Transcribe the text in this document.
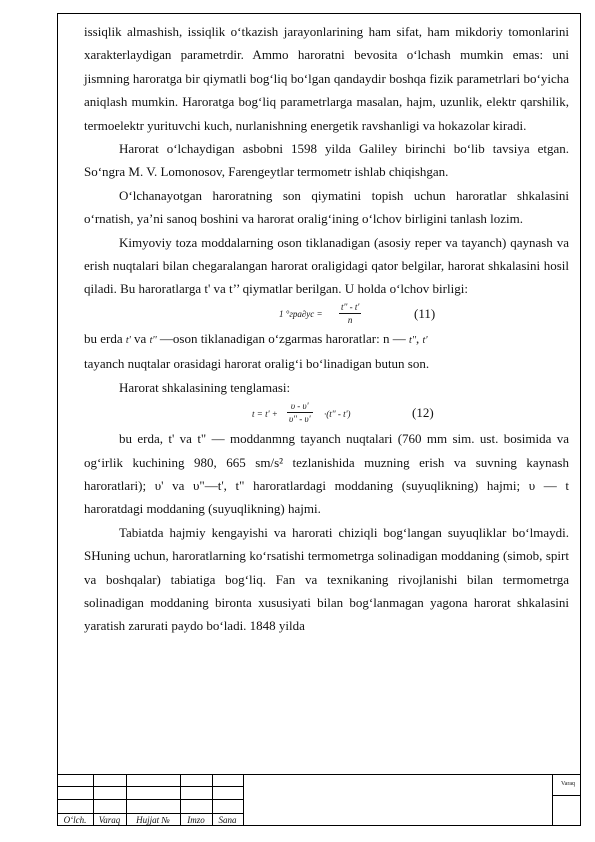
issiqlik almashish, issiqlik o‘tkazish jarayonlarining ham sifat, ham mikdoriy tomonlarini xarakterlaydigan parametrdir. Ammo haroratni bevosita o‘lchash mumkin emas: uni jismning haroratga bir qiymatli bog‘liq bo‘lgan qandaydir boshqa fizik parametrlari bo‘yicha aniqlash mumkin. Haroratga bog‘liq parametrlarga masalan, hajm, uzunlik, elektr qarshilik, termoelektr yurituvchi kuch, nurlanishning energetik ravshanligi va hokazolar kiradi.

Harorat o‘lchaydigan asbobni 1598 yilda Galiley birinchi bo‘lib tavsiya etgan. So‘ngra M. V. Lomonosov, Farengeytlar termometr ishlab chiqishgan.

O‘lchanayotgan haroratning son qiymatini topish uchun haroratlar shkalasini o‘rnatish, ya’ni sanoq boshini va harorat oralig‘ining o‘lchov birligini tanlash lozim.

Kimyoviy toza moddalarning oson tiklanadigan (asosiy reper va tayanch) qaynash va erish nuqtalari bilan chegaralangan harorat oraligidagi qator belgilar, harorat shkalasini hosil qiladi. Bu haroratlarga t' va t’’ qiymatlar berilgan. U holda o‘lchov birligi:

1 $^\circ гра\partial ус = \frac{t'' - t'}{n}$	(11)

bu erda t' va t'' —oson tiklanadigan o‘zgarmas haroratlar: n — t'', t'

tayanch nuqtalar orasidagi harorat oralig‘i bo‘linadigan butun son.

Harorat shkalasining tenglamasi:

$t = t' + \frac{\upsilon - \upsilon'}{\upsilon'' - \upsilon'} \cdot(t'' - t')$	(12)

bu erda, t' va t" — moddanmng tayanch nuqtalari (760 mm sim. ust. bosimida va og‘irlik kuchining 980, 665 sm/s² tezlanishida muzning erish va suvning kaynash haroratlari); υ' va υ"—t', t" haroratlardagi moddaning (suyuqlikning) hajmi; υ — t haroratdagi moddaning (suyuqlikning) hajmi.

Tabiatda hajmiy kengayishi va harorati chiziqli bog‘langan suyuqliklar bo‘lmaydi. SHuning uchun, haroratlarning ko‘rsatishi termometrga solinadigan moddaning (simob, spirt va boshqalar) tabiatiga bog‘liq. Fan va texnikaning rivojlanishi bilan termometrga solinadigan moddaning bironta xususiyati bilan bog‘lanmagan yagona harorat shkalasini yaratish zarurati paydo bo‘ladi. 1848 yilda

O‘lch.	Varaq	Hujjat №	Imzo	Sana
Varaq
